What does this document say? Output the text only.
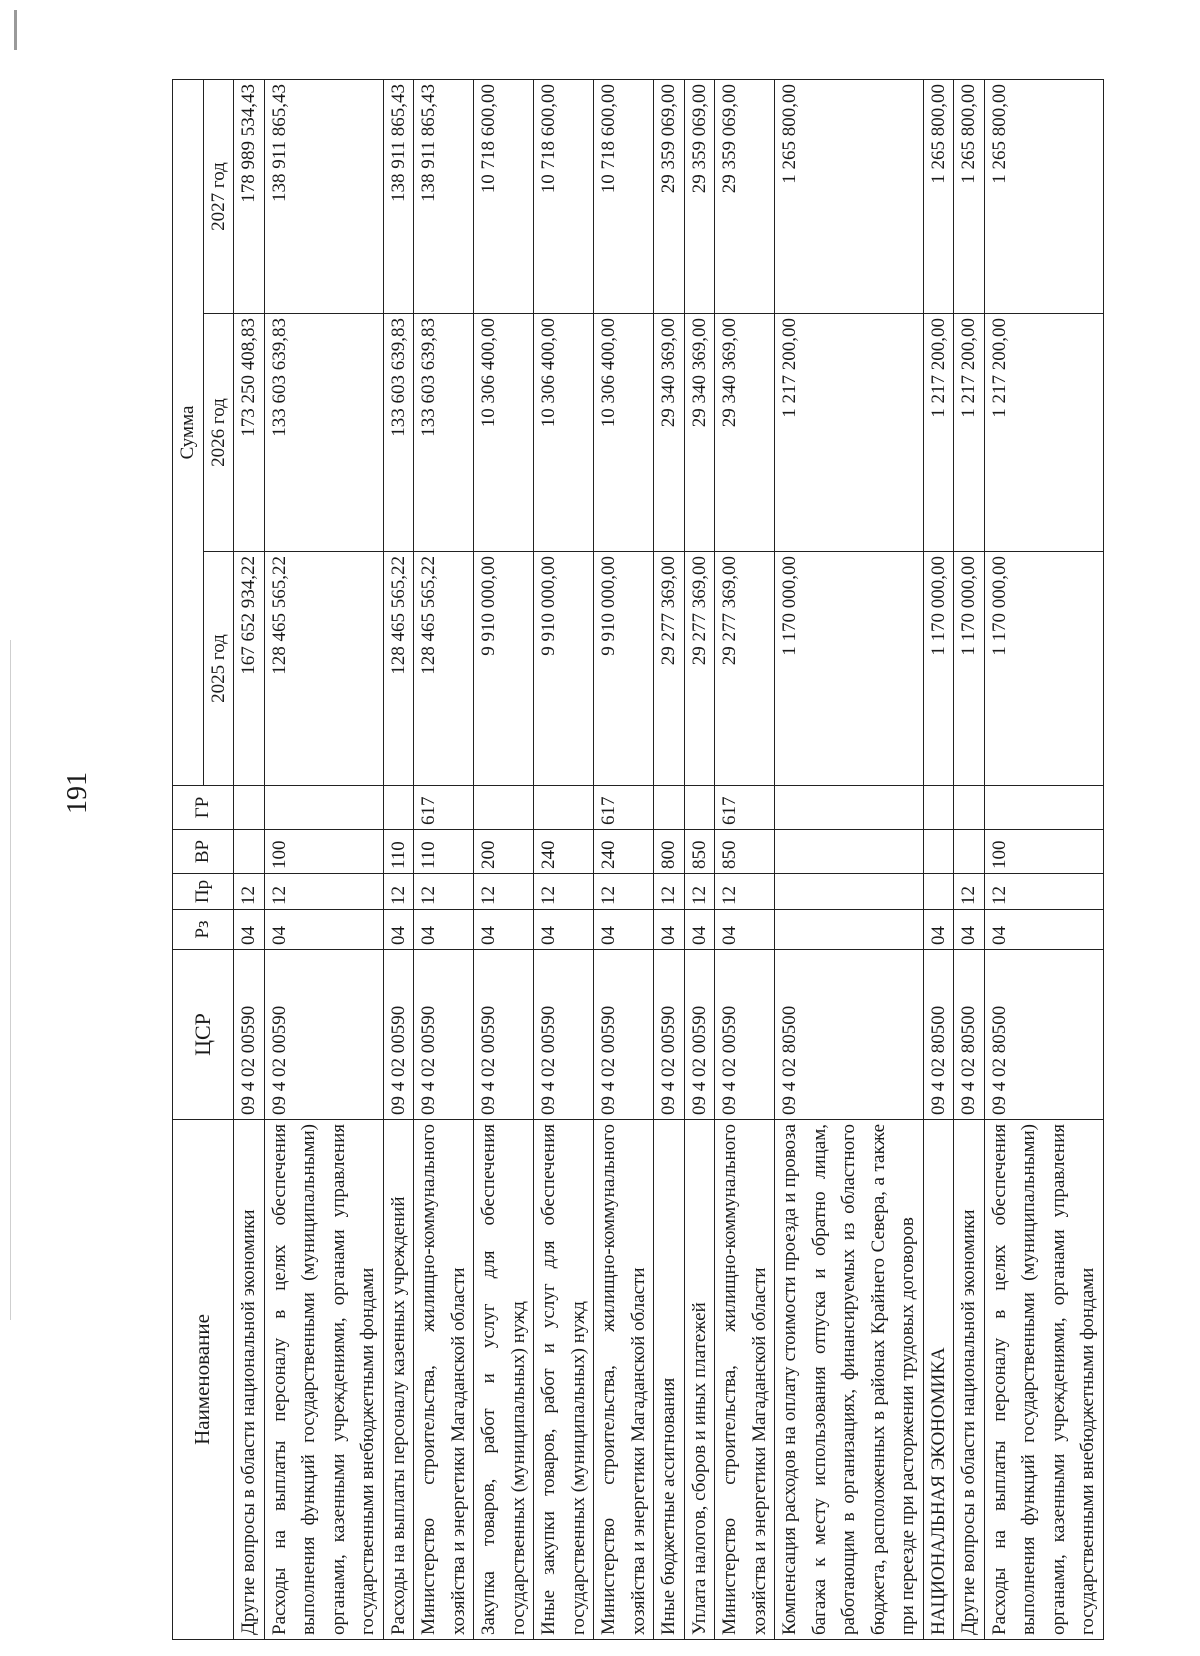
191
Наименование	ЦСР	Рз	Пр	ВР	ГР	Сумма		
						2025 год	2026 год	2027 год
Другие вопросы в области национальной экономики	09 4 02 00590	04	12			167 652 934,22	173 250 408,83	178 989 534,43
Расходы на выплаты персоналу в целях обеспечения выполнения функций государственными (муниципальными) органами, казенными учреждениями, органами управления государственными внебюджетными фондами	09 4 02 00590	04	12	100		128 465 565,22	133 603 639,83	138 911 865,43
Расходы на выплаты персоналу казенных учреждений	09 4 02 00590	04	12	110		128 465 565,22	133 603 639,83	138 911 865,43
Министерство строительства, жилищно-коммунального хозяйства и энергетики Магаданской области	09 4 02 00590	04	12	110	617	128 465 565,22	133 603 639,83	138 911 865,43
Закупка товаров, работ и услуг для обеспечения государственных (муниципальных) нужд	09 4 02 00590	04	12	200		9 910 000,00	10 306 400,00	10 718 600,00
Иные закупки товаров, работ и услуг для обеспечения государственных (муниципальных) нужд	09 4 02 00590	04	12	240		9 910 000,00	10 306 400,00	10 718 600,00
Министерство строительства, жилищно-коммунального хозяйства и энергетики Магаданской области	09 4 02 00590	04	12	240	617	9 910 000,00	10 306 400,00	10 718 600,00
Иные бюджетные ассигнования	09 4 02 00590	04	12	800		29 277 369,00	29 340 369,00	29 359 069,00
Уплата налогов, сборов и иных платежей	09 4 02 00590	04	12	850		29 277 369,00	29 340 369,00	29 359 069,00
Министерство строительства, жилищно-коммунального хозяйства и энергетики Магаданской области	09 4 02 00590	04	12	850	617	29 277 369,00	29 340 369,00	29 359 069,00
Компенсация расходов на оплату стоимости проезда и провоза багажа к месту использования отпуска и обратно лицам, работающим в организациях, финансируемых из областного бюджета, расположенных в районах Крайнего Севера, а также при переезде при расторжении трудовых договоров	09 4 02 80500					1 170 000,00	1 217 200,00	1 265 800,00
НАЦИОНАЛЬНАЯ ЭКОНОМИКА	09 4 02 80500	04				1 170 000,00	1 217 200,00	1 265 800,00
Другие вопросы в области национальной экономики	09 4 02 80500	04	12			1 170 000,00	1 217 200,00	1 265 800,00
Расходы на выплаты персоналу в целях обеспечения выполнения функций государственными (муниципальными) органами, казенными учреждениями, органами управления государственными внебюджетными фондами	09 4 02 80500	04	12	100		1 170 000,00	1 217 200,00	1 265 800,00
